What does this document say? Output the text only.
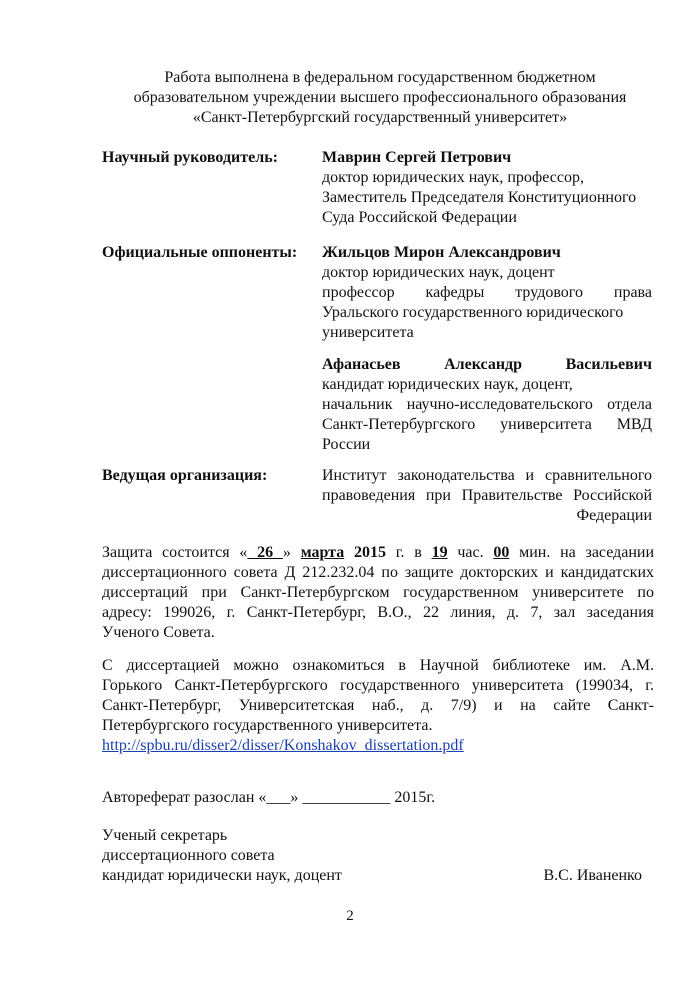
Работа выполнена в федеральном государственном бюджетном
образовательном учреждении высшего профессионального образования
«Санкт-Петербургский государственный университет»
Научный руководитель:	Маврин Сергей Петрович
доктор юридических наук, профессор,
Заместитель Председателя Конституционного
Суда Российской Федерации
Официальные оппоненты: Жильцов Мирон Александрович
доктор юридических наук, доцент
профессор кафедры трудового права
Уральского государственного юридического
университета
Афанасьев Александр Васильевич
кандидат юридических наук, доцент,
начальник научно-исследовательского отдела
Санкт-Петербургского университета МВД
России
Ведущая организация:	Институт законодательства и сравнительного
правоведения при Правительстве Российской
Федерации
Защита состоится « 26 » марта 2015 г. в 19 час. 00 мин. на заседании
диссертационного совета Д 212.232.04 по защите докторских и кандидатских
диссертаций при Санкт-Петербургском государственном университете по
адресу: 199026, г. Санкт-Петербург, В.О., 22 линия, д. 7, зал заседания
Ученого Совета.
С диссертацией можно ознакомиться в Научной библиотеке им. А.М.
Горького Санкт-Петербургского государственного университета (199034, г.
Санкт-Петербург, Университетская наб., д. 7/9) и на сайте Санкт-
Петербургского государственного университета.
http://spbu.ru/disser2/disser/Konshakov_dissertation.pdf
Автореферат разослан «___» ___________ 2015г.
Ученый секретарь
диссертационного совета
кандидат юридически наук, доцент	В.С. Иваненко
2
